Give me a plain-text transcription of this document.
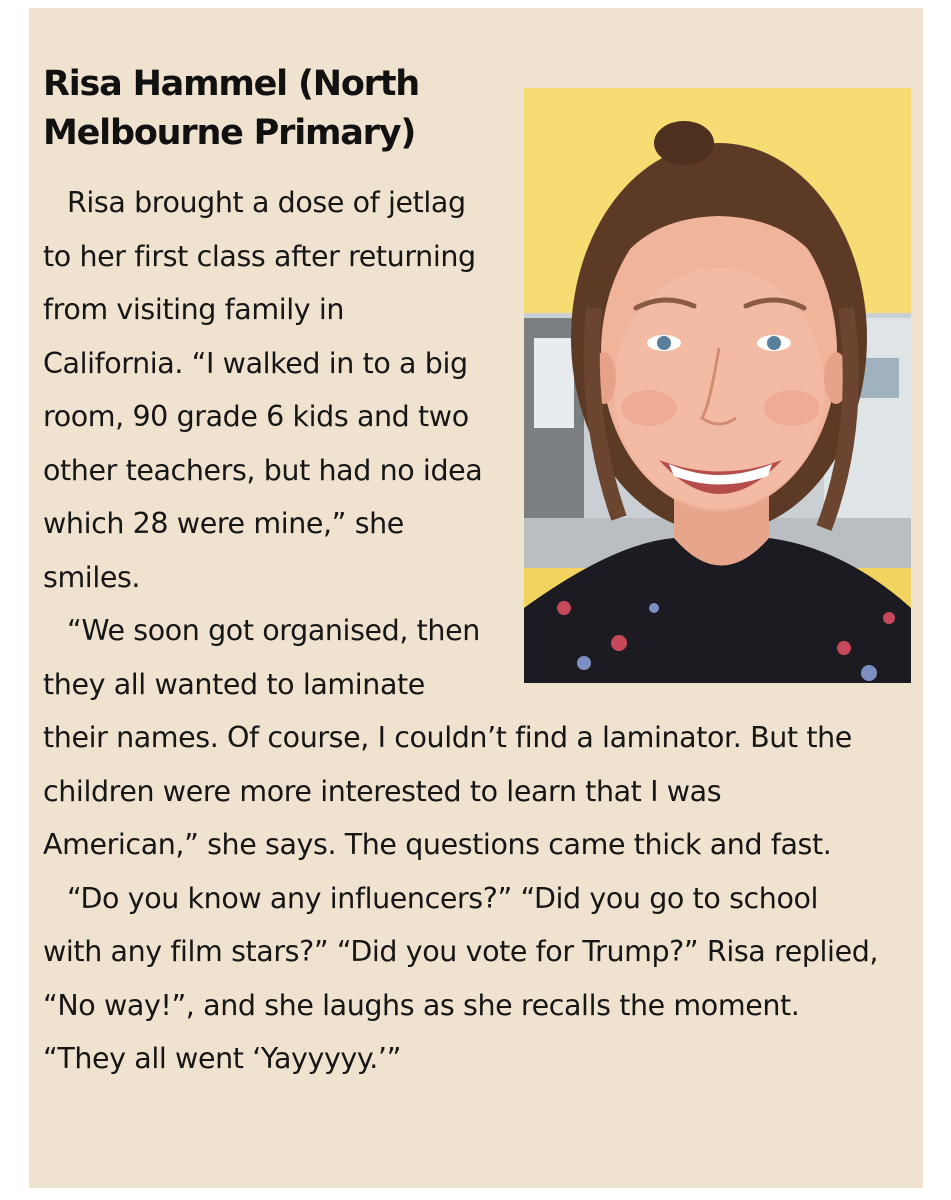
Risa Hammel (North Melbourne Primary)

Risa brought a dose of jetlag to her first class after returning from visiting family in California. “I walked in to a big room, 90 grade 6 kids and two other teachers, but had no idea which 28 were mine,” she smiles.

“We soon got organised, then they all wanted to laminate their names. Of course, I couldn’t find a laminator. But the children were more interested to learn that I was American,” she says. The questions came thick and fast.

“Do you know any influencers?” “Did you go to school with any film stars?” “Did you vote for Trump?” Risa replied, “No way!”, and she laughs as she recalls the moment. “They all went ‘Yayyyyy.’”
